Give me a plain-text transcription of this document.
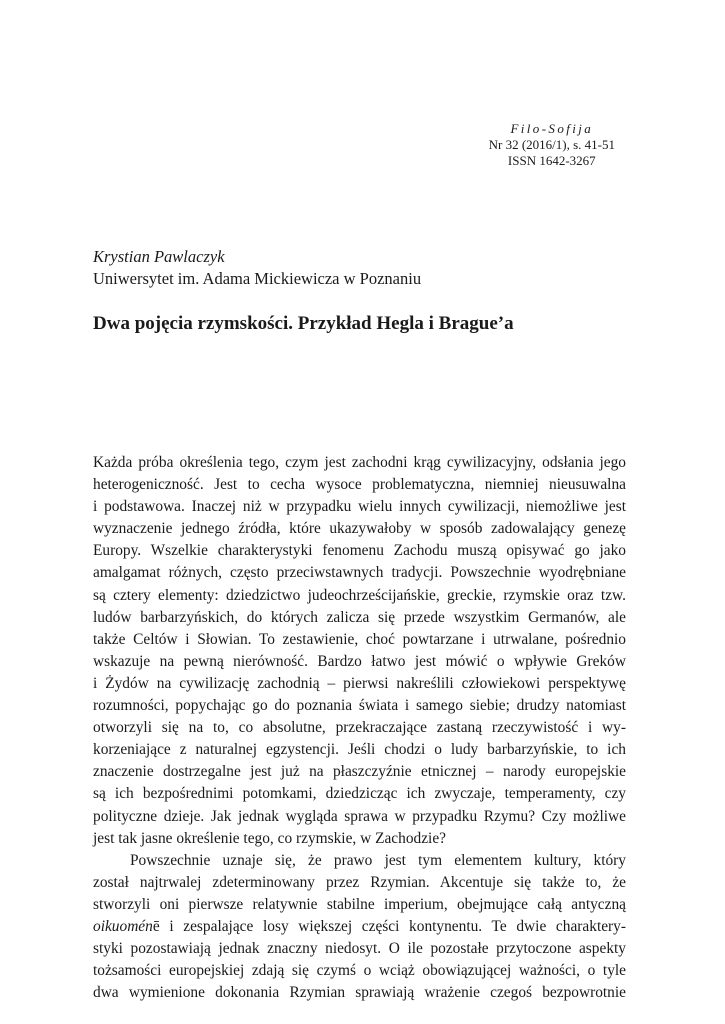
Filo-Sofija
Nr 32 (2016/1), s. 41-51
ISSN 1642-3267
Krystian Pawlaczyk
Uniwersytet im. Adama Mickiewicza w Poznaniu
Dwa pojęcia rzymskości. Przykład Hegla i Brague’a

Każda próba określenia tego, czym jest zachodni krąg cywilizacyjny, odsłania jego

heterogeniczność. Jest to cecha wysoce problematyczna, niemniej nieusuwalna

i podstawowa. Inaczej niż w przypadku wielu innych cywilizacji, niemożliwe jest

wyznaczenie jednego źródła, które ukazywałoby w sposób zadowalający genezę

Europy. Wszelkie charakterystyki fenomenu Zachodu muszą opisywać go jako

amalgamat różnych, często przeciwstawnych tradycji. Powszechnie wyodrębniane

są cztery elementy: dziedzictwo judeochrześcijańskie, greckie, rzymskie oraz tzw.

ludów barbarzyńskich, do których zalicza się przede wszystkim Germanów, ale

także Celtów i Słowian. To zestawienie, choć powtarzane i utrwalane, pośrednio

wskazuje na pewną nierówność. Bardzo łatwo jest mówić o wpływie Greków

i Żydów na cywilizację zachodnią – pierwsi nakreślili człowiekowi perspektywę

rozumności, popychając go do poznania świata i samego siebie; drudzy natomiast

otworzyli się na to, co absolutne, przekraczające zastaną rzeczywistość i wy-

korzeniające z naturalnej egzystencji. Jeśli chodzi o ludy barbarzyńskie, to ich

znaczenie dostrzegalne jest już na płaszczyźnie etnicznej – narody europejskie

są ich bezpośrednimi potomkami, dziedzicząc ich zwyczaje, temperamenty, czy

polityczne dzieje. Jak jednak wygląda sprawa w przypadku Rzymu? Czy możliwe

jest tak jasne określenie tego, co rzymskie, w Zachodzie?

Powszechnie uznaje się, że prawo jest tym elementem kultury, który

został najtrwalej zdeterminowany przez Rzymian. Akcentuje się także to, że

stworzyli oni pierwsze relatywnie stabilne imperium, obejmujące całą antyczną

oikuoménē i zespalające losy większej części kontynentu. Te dwie charaktery-

styki pozostawiają jednak znaczny niedosyt. O ile pozostałe przytoczone aspekty

tożsamości europejskiej zdają się czymś o wciąż obowiązującej ważności, o tyle

dwa wymienione dokonania Rzymian sprawiają wrażenie czegoś bezpowrotnie
